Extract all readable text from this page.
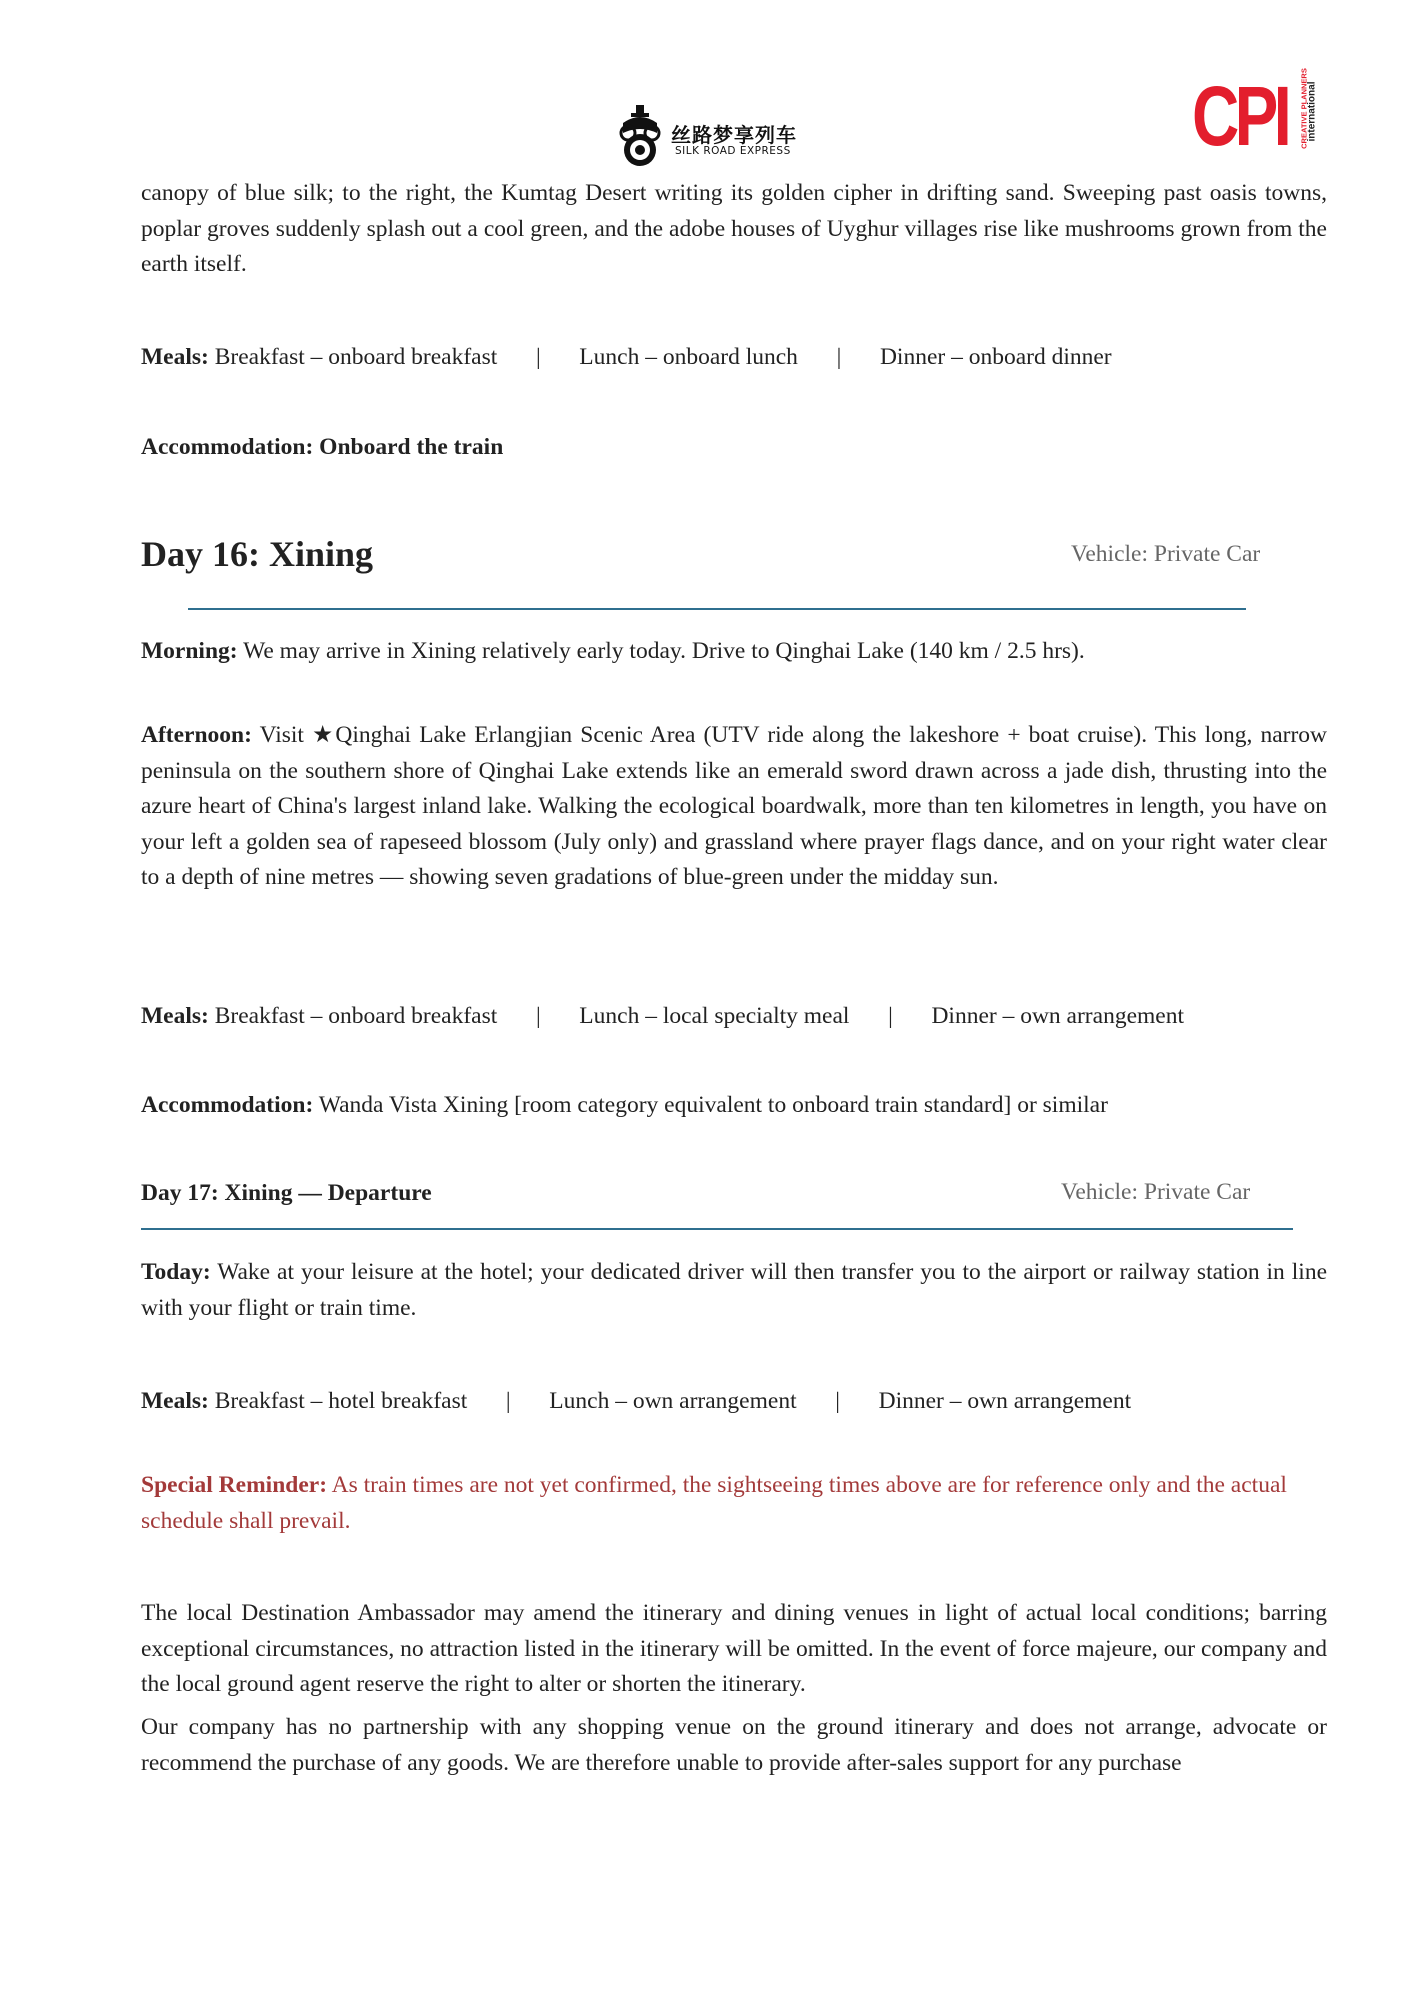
丝路梦享列车
SILK ROAD EXPRESS	CPI CREATIVE PLANNERS
international

canopy of blue silk; to the right, the Kumtag Desert writing its golden cipher in drifting sand. Sweeping past oasis towns, poplar groves suddenly splash out a cool green, and the adobe houses of Uyghur villages rise like mushrooms grown from the earth itself.

Meals: Breakfast – onboard breakfast | Lunch – onboard lunch | Dinner – onboard dinner
Accommodation: Onboard the train
Day 16: Xining	Vehicle: Private Car

Morning: We may arrive in Xining relatively early today. Drive to Qinghai Lake (140 km / 2.5 hrs).

Afternoon: Visit ★Qinghai Lake Erlangjian Scenic Area (UTV ride along the lakeshore + boat cruise). This long, narrow peninsula on the southern shore of Qinghai Lake extends like an emerald sword drawn across a jade dish, thrusting into the azure heart of China's largest inland lake. Walking the ecological boardwalk, more than ten kilometres in length, you have on your left a golden sea of rapeseed blossom (July only) and grassland where prayer flags dance, and on your right water clear to a depth of nine metres — showing seven gradations of blue-green under the midday sun.

Meals: Breakfast – onboard breakfast | Lunch – local specialty meal | Dinner – own arrangement
Accommodation: Wanda Vista Xining [room category equivalent to onboard train standard] or similar
Day 17: Xining — Departure	Vehicle: Private Car

Today: Wake at your leisure at the hotel; your dedicated driver will then transfer you to the airport or railway station in line with your flight or train time.

Meals: Breakfast – hotel breakfast | Lunch – own arrangement | Dinner – own arrangement

Special Reminder: As train times are not yet confirmed, the sightseeing times above are for reference only and the actual schedule shall prevail.

The local Destination Ambassador may amend the itinerary and dining venues in light of actual local conditions; barring exceptional circumstances, no attraction listed in the itinerary will be omitted. In the event of force majeure, our company and the local ground agent reserve the right to alter or shorten the itinerary.

Our company has no partnership with any shopping venue on the ground itinerary and does not arrange, advocate or recommend the purchase of any goods. We are therefore unable to provide after-sales support for any purchase
